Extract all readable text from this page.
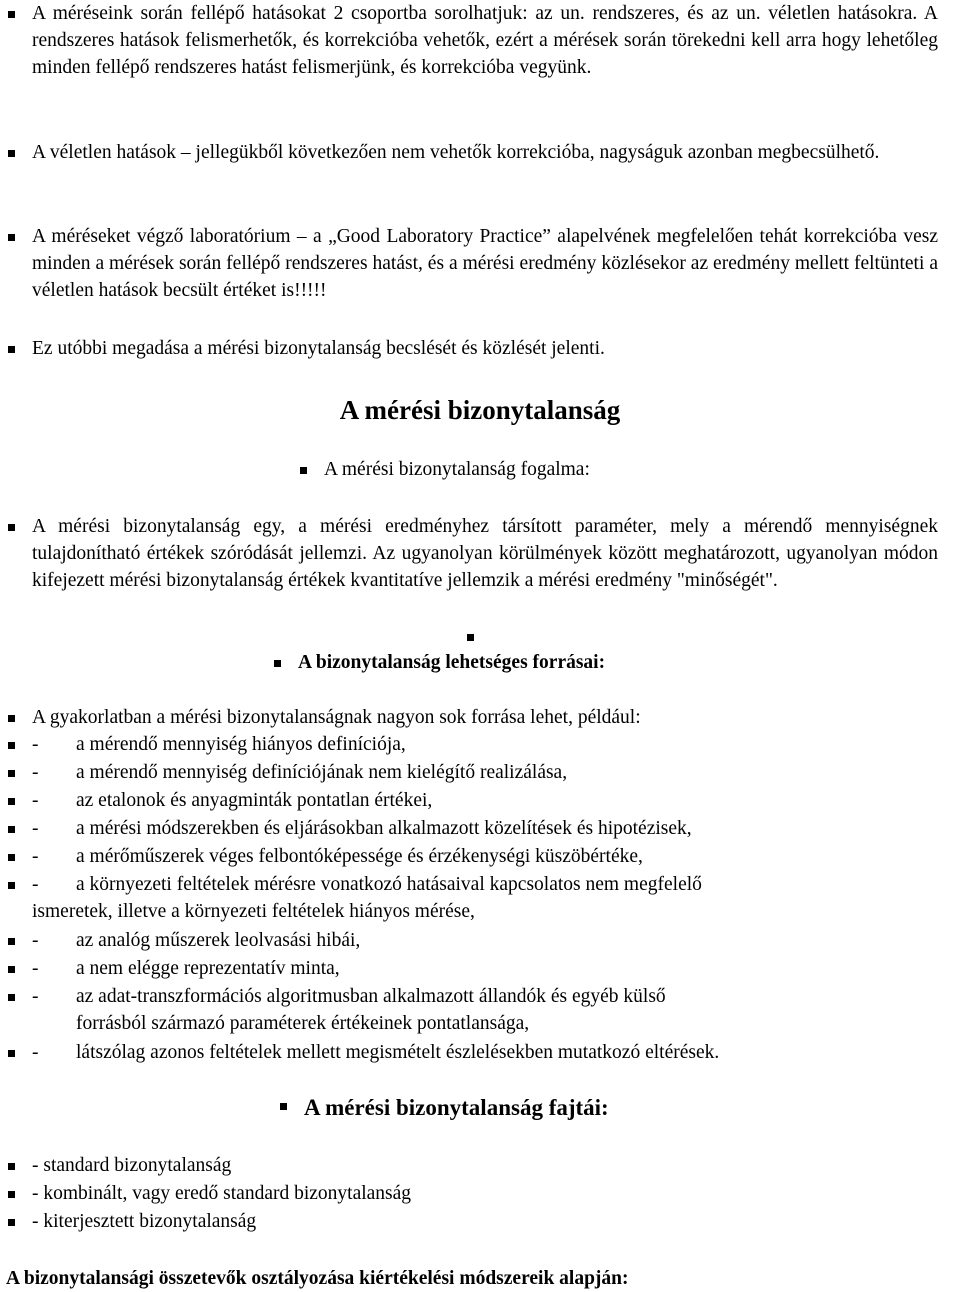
A méréseink során fellépő hatásokat 2 csoportba sorolhatjuk: az un. rendszeres, és az un. véletlen hatásokra. A rendszeres hatások felismerhetők, és korrekcióba vehetők, ezért a mérések során törekedni kell arra hogy lehetőleg minden fellépő rendszeres hatást felismerjünk, és korrekcióba vegyünk.

A véletlen hatások – jellegükből következően nem vehetők korrekcióba, nagyságuk azonban megbecsülhető.

A méréseket végző laboratórium – a „Good Laboratory Practice” alapelvének megfelelően tehát korrekcióba vesz minden a mérések során fellépő rendszeres hatást, és a mérési eredmény közlésekor az eredmény mellett feltünteti a véletlen hatások becsült értéket is!!!!!

Ez utóbbi megadása a mérési bizonytalanság becslését és közlését jelenti.

A mérési bizonytalanság

A mérési bizonytalanság fogalma:

A mérési bizonytalanság egy, a mérési eredményhez társított paraméter, mely a mérendő mennyiségnek tulajdonítható értékek szóródását jellemzi. Az ugyanolyan körülmények között meghatározott, ugyanolyan módon kifejezett mérési bizonytalanság értékek kvantitatíve jellemzik a mérési eredmény "minőségét".

A bizonytalanság lehetséges forrásai:

A gyakorlatban a mérési bizonytalanságnak nagyon sok forrása lehet, például:

- a mérendő mennyiség hiányos definíciója,

- a mérendő mennyiség definíciójának nem kielégítő realizálása,

- az etalonok és anyagminták pontatlan értékei,

- a mérési módszerekben és eljárásokban alkalmazott közelítések és hipotézisek,

- a mérőműszerek véges felbontóképessége és érzékenységi küszöbértéke,

- a környezeti feltételek mérésre vonatkozó hatásaival kapcsolatos nem megfelelő
ismeretek, illetve a környezeti feltételek hiányos mérése,

- az analóg műszerek leolvasási hibái,

- a nem elégge reprezentatív minta,

- az adat-transzformációs algoritmusban alkalmazott állandók és egyéb külső
forrásból származó paraméterek értékeinek pontatlansága,

- látszólag azonos feltételek mellett megismételt észlelésekben mutatkozó eltérések.

A mérési bizonytalanság fajtái:

- standard bizonytalanság

- kombinált, vagy eredő standard bizonytalanság

- kiterjesztett bizonytalanság

A bizonytalansági összetevők osztályozása kiértékelési módszereik alapján:
